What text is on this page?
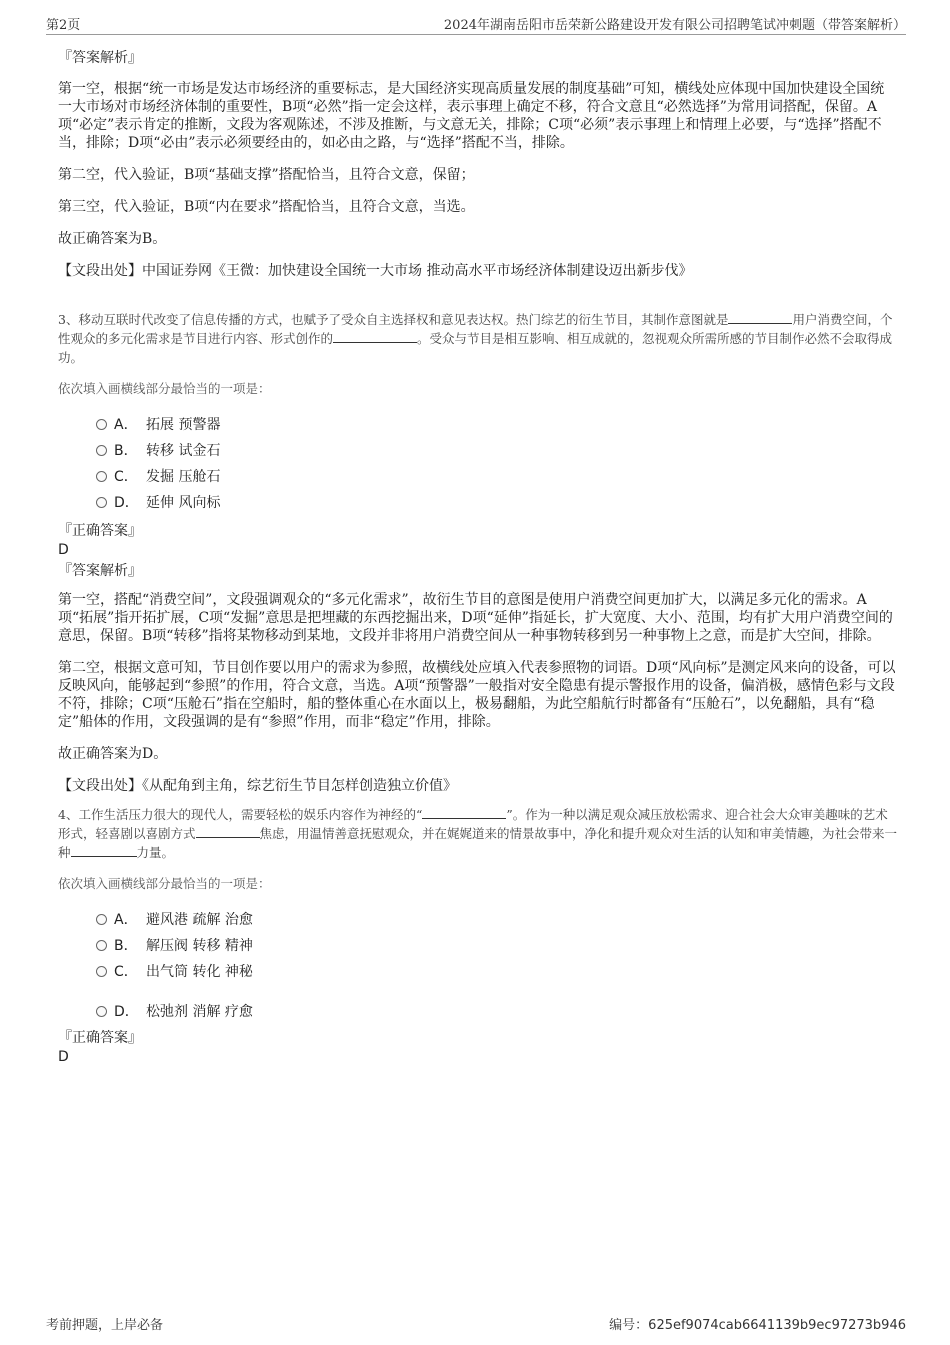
第2页	2024年湖南岳阳市岳荣新公路建设开发有限公司招聘笔试冲刺题（带答案解析）
『答案解析』

第一空，根据“统一市场是发达市场经济的重要标志，是大国经济实现高质量发展的制度基础”可知，横线处应体现中国加快建设全国统一大市场对市场经济体制的重要性，B项“必然”指一定会这样，表示事理上确定不移，符合文意且“必然选择”为常用词搭配，保留。A项“必定”表示肯定的推断，文段为客观陈述，不涉及推断，与文意无关，排除；C项“必须”表示事理上和情理上必要，与“选择”搭配不当，排除；D项“必由”表示必须要经由的，如必由之路，与“选择”搭配不当，排除。

第二空，代入验证，B项“基础支撑”搭配恰当，且符合文意，保留；

第三空，代入验证，B项“内在要求”搭配恰当，且符合文意，当选。

故正确答案为B。

【文段出处】中国证券网《王微：加快建设全国统一大市场 推动高水平市场经济体制建设迈出新步伐》

3、移动互联时代改变了信息传播的方式，也赋予了受众自主选择权和意见表达权。热门综艺的衍生节目，其制作意图就是	用户消费空间，个性观众的多元化需求是节目进行内容、形式创作的	。受众与节目是相互影响、相互成就的，忽视观众所需所感的节目制作必然不会取得成功。

依次填入画横线部分最恰当的一项是：

A． 拓展 预警器
B． 转移 试金石
C． 发掘 压舱石
D． 延伸 风向标
『正确答案』
D
『答案解析』

第一空，搭配“消费空间”，文段强调观众的“多元化需求”，故衍生节目的意图是使用户消费空间更加扩大，以满足多元化的需求。A项“拓展”指开拓扩展，C项“发掘”意思是把埋藏的东西挖掘出来，D项“延伸”指延长，扩大宽度、大小、范围，均有扩大用户消费空间的意思，保留。B项“转移”指将某物移动到某地，文段并非将用户消费空间从一种事物转移到另一种事物上之意，而是扩大空间，排除。

第二空，根据文意可知，节目创作要以用户的需求为参照，故横线处应填入代表参照物的词语。D项“风向标”是测定风来向的设备，可以反映风向，能够起到“参照”的作用，符合文意，当选。A项“预警器”一般指对安全隐患有提示警报作用的设备，偏消极，感情色彩与文段不符，排除；C项“压舱石”指在空船时，船的整体重心在水面以上，极易翻船，为此空船航行时都备有“压舱石”，以免翻船，具有“稳定”船体的作用，文段强调的是有“参照”作用，而非“稳定”作用，排除。

故正确答案为D。

【文段出处】《从配角到主角，综艺衍生节目怎样创造独立价值》

4、工作生活压力很大的现代人，需要轻松的娱乐内容作为神经的“	”。作为一种以满足观众减压放松需求、迎合社会大众审美趣味的艺术形式，轻喜剧以喜剧方式	焦虑，用温情善意抚慰观众，并在娓娓道来的情景故事中，净化和提升观众对生活的认知和审美情趣，为社会带来一种	力量。

依次填入画横线部分最恰当的一项是：

A． 避风港 疏解 治愈
B． 解压阀 转移 精神
C． 出气筒 转化 神秘
D． 松弛剂 消解 疗愈
『正确答案』
D
考前押题，上岸必备	编号：625ef9074cab6641139b9ec97273b946
